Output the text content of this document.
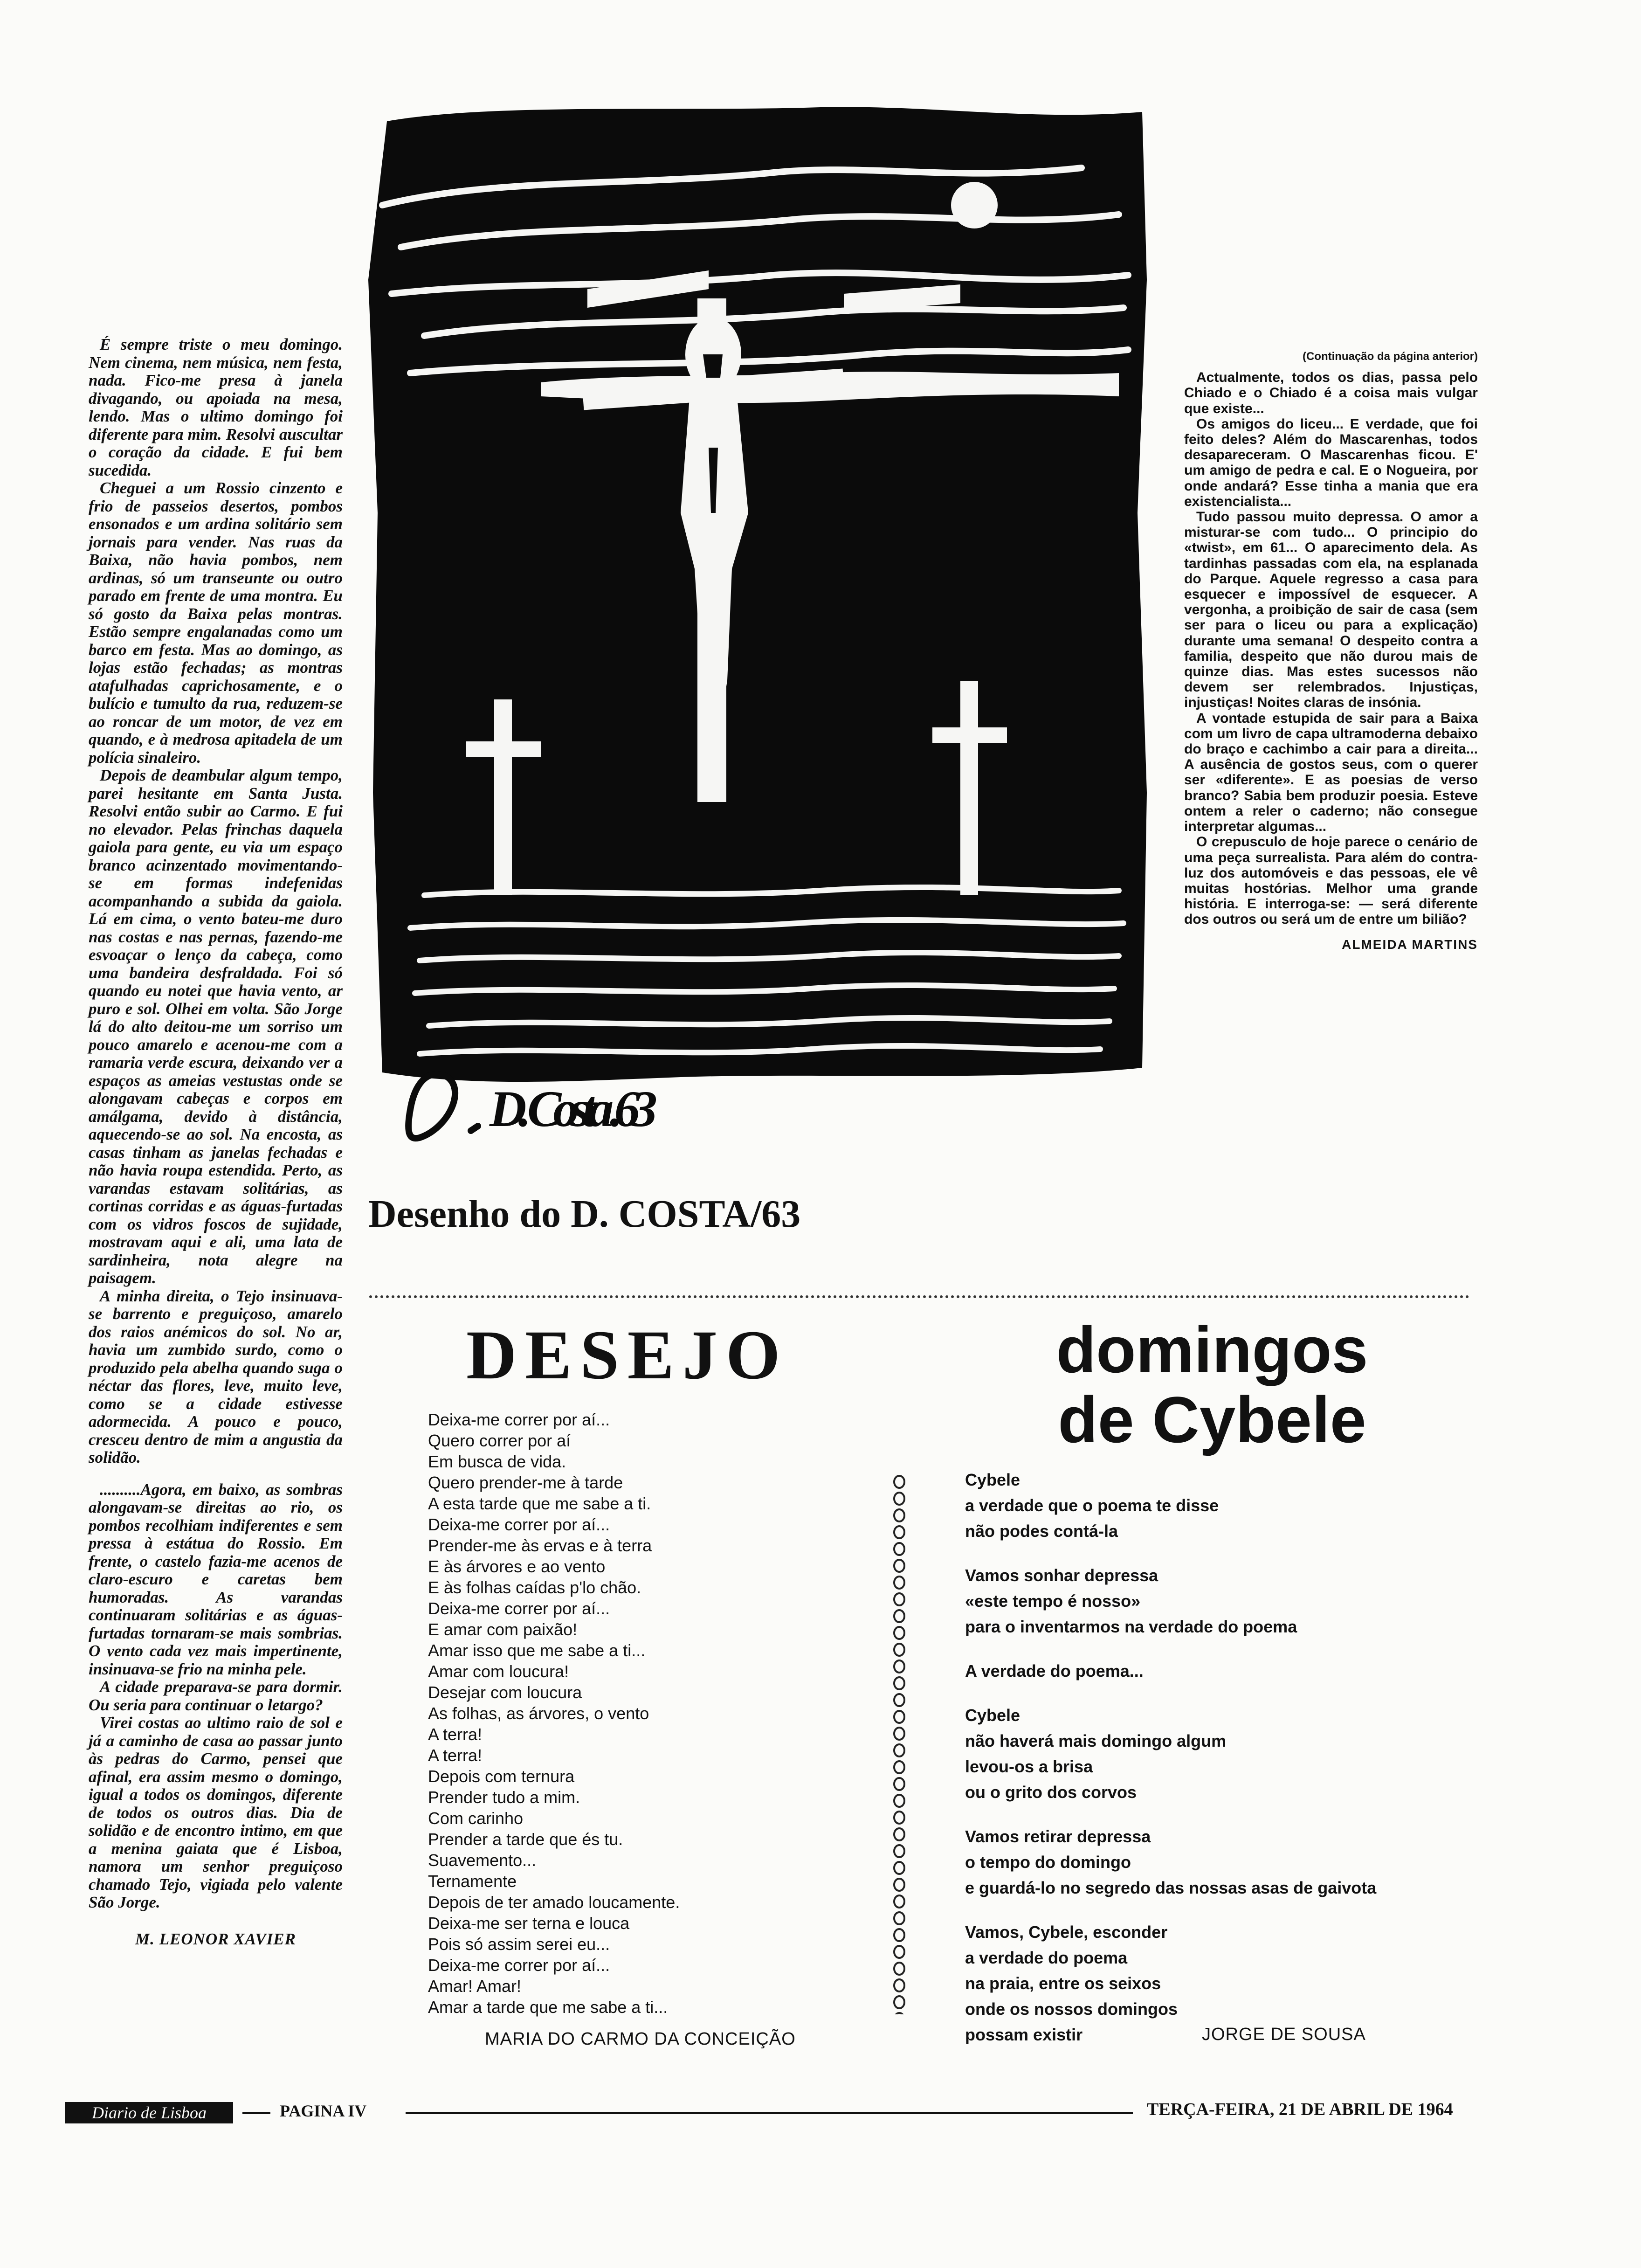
É sempre triste o meu domingo. Nem cinema, nem música, nem festa, nada. Fico-me presa à janela divagando, ou apoiada na mesa, lendo. Mas o ultimo domingo foi diferente para mim. Resolvi auscultar o coração da cidade. E fui bem sucedida.

Cheguei a um Rossio cinzento e frio de passeios desertos, pombos ensonados e um ardina solitário sem jornais para vender. Nas ruas da Baixa, não havia pombos, nem ardinas, só um transeunte ou outro parado em frente de uma montra. Eu só gosto da Baixa pelas montras. Estão sempre engalanadas como um barco em festa. Mas ao domingo, as lojas estão fechadas; as montras atafulhadas caprichosamente, e o bulício e tumulto da rua, reduzem-se ao roncar de um motor, de vez em quando, e à medrosa apitadela de um polícia sinaleiro.

Depois de deambular algum tempo, parei hesitante em Santa Justa. Resolvi então subir ao Carmo. E fui no elevador. Pelas frinchas daquela gaiola para gente, eu via um espaço branco acinzentado movimentando-se em formas indefenidas acompanhando a subida da gaiola. Lá em cima, o vento bateu-me duro nas costas e nas pernas, fazendo-me esvoaçar o lenço da cabeça, como uma bandeira desfraldada. Foi só quando eu notei que havia vento, ar puro e sol. Olhei em volta. São Jorge lá do alto deitou-me um sorriso um pouco amarelo e acenou-me com a ramaria verde escura, deixando ver a espaços as ameias vestustas onde se alongavam cabeças e corpos em amálgama, devido à distância, aquecendo-se ao sol. Na encosta, as casas tinham as janelas fechadas e não havia roupa estendida. Perto, as varandas estavam solitárias, as cortinas corridas e as águas-furtadas com os vidros foscos de sujidade, mostravam aqui e ali, uma lata de sardinheira, nota alegre na paisagem.

A minha direita, o Tejo insinuava-se barrento e preguiçoso, amarelo dos raios anémicos do sol. No ar, havia um zumbido surdo, como o produzido pela abelha quando suga o néctar das flores, leve, muito leve, como se a cidade estivesse adormecida. A pouco e pouco, cresceu dentro de mim a angustia da solidão.

..........Agora, em baixo, as sombras alongavam-se direitas ao rio, os pombos recolhiam indiferentes e sem pressa à estátua do Rossio. Em frente, o castelo fazia-me acenos de claro-escuro e caretas bem humoradas. As varandas continuaram solitárias e as águas-furtadas tornaram-se mais sombrias. O vento cada vez mais impertinente, insinuava-se frio na minha pele.

A cidade preparava-se para dormir. Ou seria para continuar o letargo?

Virei costas ao ultimo raio de sol e já a caminho de casa ao passar junto às pedras do Carmo, pensei que afinal, era assim mesmo o domingo, igual a todos os domingos, diferente de todos os outros dias. Dia de solidão e de encontro intimo, em que a menina gaiata que é Lisboa, namora um senhor preguiçoso chamado Tejo, vigiada pelo valente São Jorge.

M. LEONOR XAVIER

D. Costa .63
Desenho do D. COSTA/63

(Continuação da página anterior)

Actualmente, todos os dias, passa pelo Chiado e o Chiado é a coisa mais vulgar que existe...

Os amigos do liceu... E verdade, que foi feito deles? Além do Mascarenhas, todos desapareceram. O Mascarenhas ficou. E' um amigo de pedra e cal. E o Nogueira, por onde andará? Esse tinha a mania que era existencialista...

Tudo passou muito depressa. O amor a misturar-se com tudo... O principio do «twist», em 61... O aparecimento dela. As tardinhas passadas com ela, na esplanada do Parque. Aquele regresso a casa para esquecer e impossível de esquecer. A vergonha, a proibição de sair de casa (sem ser para o liceu ou para a explicação) durante uma semana! O despeito contra a familia, despeito que não durou mais de quinze dias. Mas estes sucessos não devem ser relembrados. Injustiças, injustiças! Noites claras de insónia.

A vontade estupida de sair para a Baixa com um livro de capa ultramoderna debaixo do braço e cachimbo a cair para a direita... A ausência de gostos seus, com o querer ser «diferente». E as poesias de verso branco? Sabia bem produzir poesia. Esteve ontem a reler o caderno; não consegue interpretar algumas...

O crepusculo de hoje parece o cenário de uma peça surrealista. Para além do contra-luz dos automóveis e das pessoas, ele vê muitas hostórias. Melhor uma grande história. E interroga-se: — será diferente dos outros ou será um de entre um bilião?

ALMEIDA MARTINS

DESEJO
Deixa-me correr por aí...
Quero correr por aí
Em busca de vida.
Quero prender-me à tarde
A esta tarde que me sabe a ti.
Deixa-me correr por aí...
Prender-me às ervas e à terra
E às árvores e ao vento
E às folhas caídas p'lo chão.
Deixa-me correr por aí...
E amar com paixão!
Amar isso que me sabe a ti...
Amar com loucura!
Desejar com loucura
As folhas, as árvores, o vento
A terra!
A terra!
Depois com ternura
Prender tudo a mim.
Com carinho
Prender a tarde que és tu.
Suavemento...
Ternamente
Depois de ter amado loucamente.
Deixa-me ser terna e louca
Pois só assim serei eu...
Deixa-me correr por aí...
Amar! Amar!
Amar a tarde que me sabe a ti...
MARIA DO CARMO DA CONCEIÇÃO
domingos
de Cybele
Cybele
a verdade que o poema te disse
não podes contá-la
Vamos sonhar depressa
«este tempo é nosso»
para o inventarmos na verdade do poema
A verdade do poema...
Cybele
não haverá mais domingo algum
levou-os a brisa
ou o grito dos corvos
Vamos retirar depressa
o tempo do domingo
e guardá-lo no segredo das nossas asas de gaivota
Vamos, Cybele, esconder
a verdade do poema
na praia, entre os seixos
onde os nossos domingos
possam existir	JORGE DE SOUSA
Diario de Lisboa	PAGINA IV	TERÇA-FEIRA, 21 DE ABRIL DE 1964
